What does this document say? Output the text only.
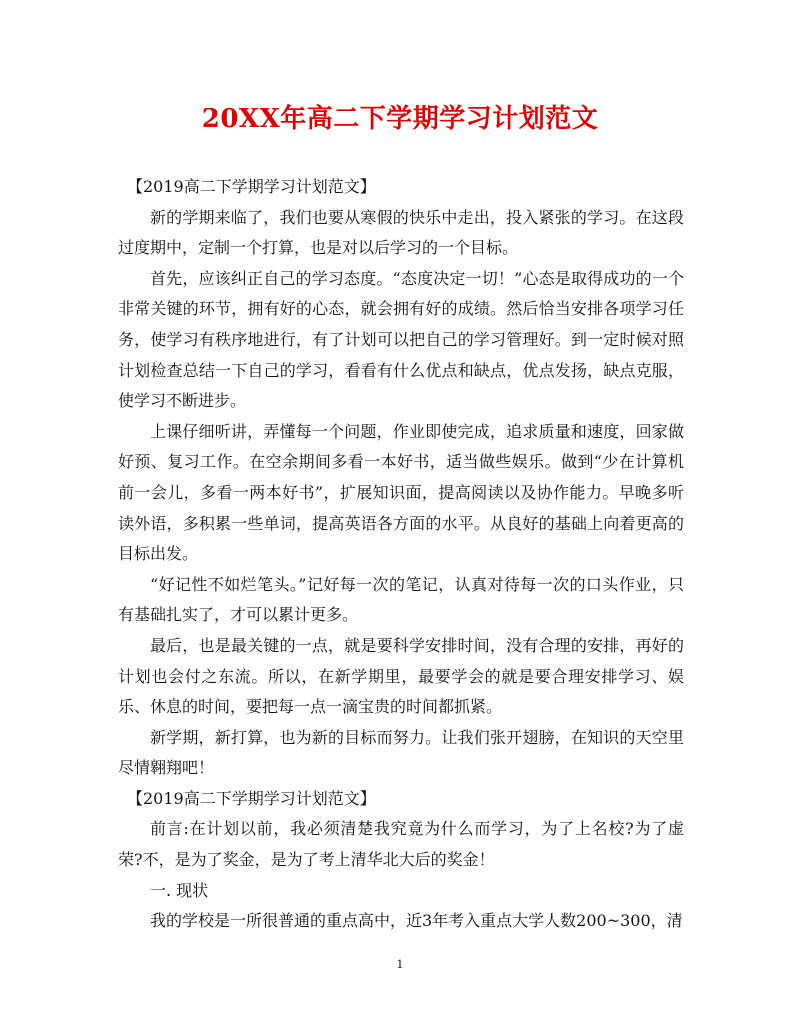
20XX年高二下学期学习计划范文

【2019高二下学期学习计划范文】

新的学期来临了，我们也要从寒假的快乐中走出，投入紧张的学习。在这段过度期中，定制一个打算，也是对以后学习的一个目标。

首先，应该纠正自己的学习态度。“态度决定一切！”心态是取得成功的一个非常关键的环节，拥有好的心态，就会拥有好的成绩。然后恰当安排各项学习任务，使学习有秩序地进行，有了计划可以把自己的学习管理好。到一定时候对照计划检查总结一下自己的学习，看看有什么优点和缺点，优点发扬，缺点克服，使学习不断进步。

上课仔细听讲，弄懂每一个问题，作业即使完成，追求质量和速度，回家做好预、复习工作。在空余期间多看一本好书，适当做些娱乐。做到“少在计算机前一会儿，多看一两本好书”，扩展知识面，提高阅读以及协作能力。早晚多听读外语，多积累一些单词，提高英语各方面的水平。从良好的基础上向着更高的目标出发。

“好记性不如烂笔头。”记好每一次的笔记，认真对待每一次的口头作业，只有基础扎实了，才可以累计更多。

最后，也是最关键的一点，就是要科学安排时间，没有合理的安排，再好的计划也会付之东流。所以，在新学期里，最要学会的就是要合理安排学习、娱乐、休息的时间，要把每一点一滴宝贵的时间都抓紧。

新学期，新打算，也为新的目标而努力。让我们张开翅膀，在知识的天空里尽情翱翔吧！

【2019高二下学期学习计划范文】

前言:在计划以前，我必须清楚我究竟为什么而学习，为了上名校?为了虚荣?不，是为了奖金，是为了考上清华北大后的奖金！

一. 现状

我的学校是一所很普通的重点高中，近3年考入重点大学人数200~300，清

1
